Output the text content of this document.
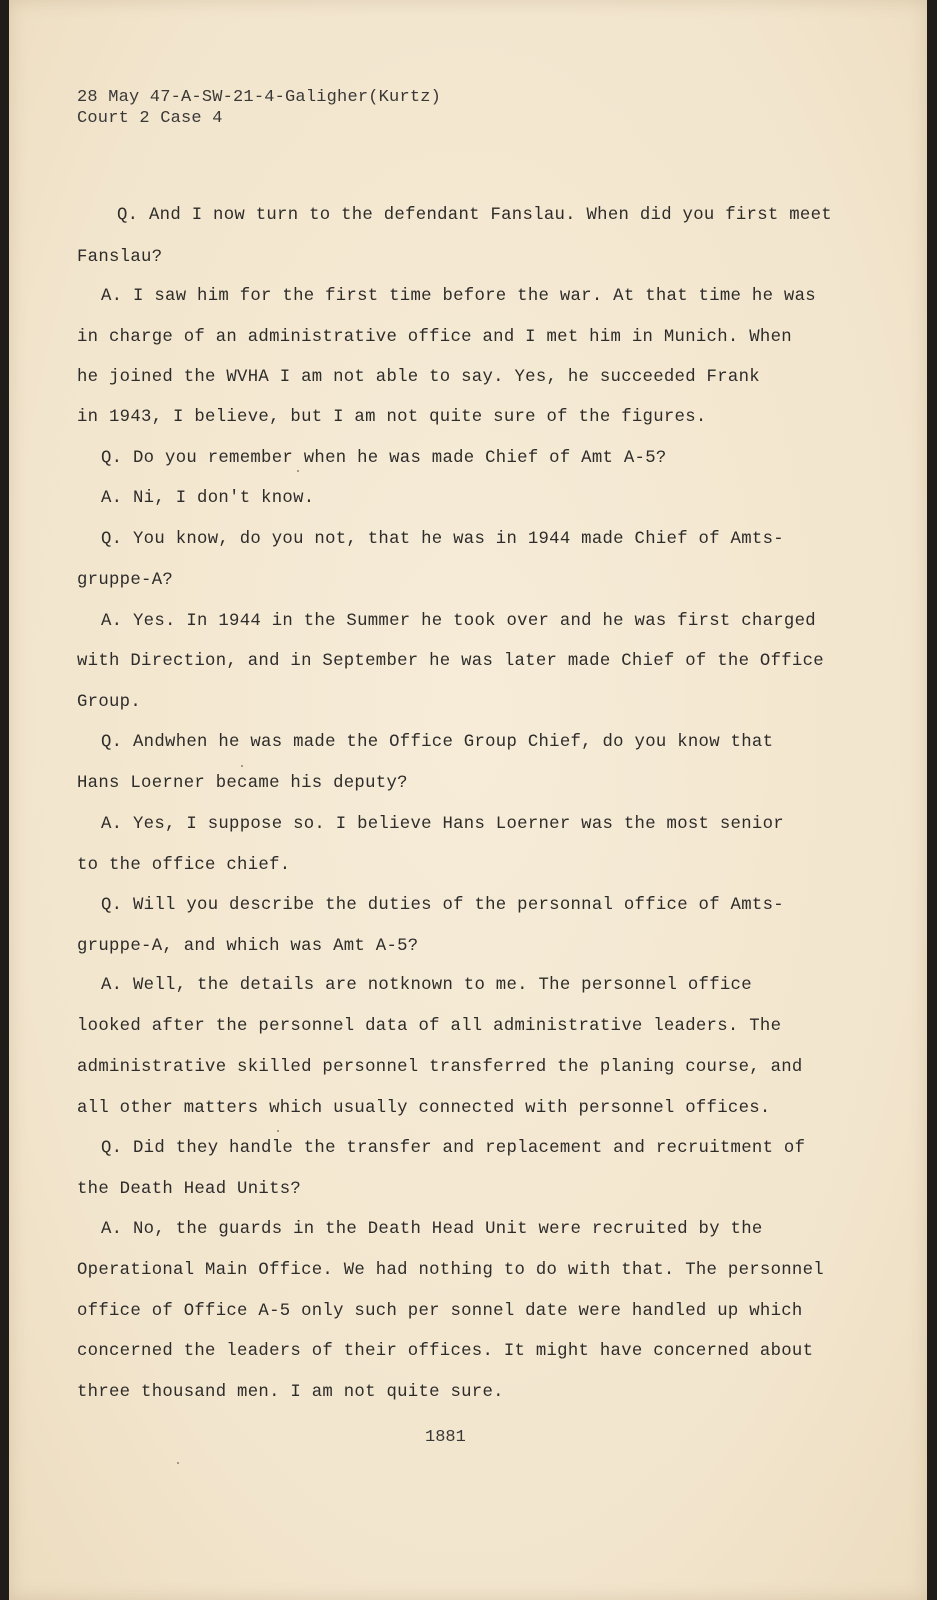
28 May 47-A-SW-21-4-Galigher(Kurtz)
Court 2 Case 4
Q. And I now turn to the defendant Fanslau. When did you first meet
Fanslau?
A. I saw him for the first time before the war. At that time he was
in charge of an administrative office and I met him in Munich. When
he joined the WVHA I am not able to say. Yes, he succeeded Frank
in 1943, I believe, but I am not quite sure of the figures.
Q. Do you remember when he was made Chief of Amt A-5?
A. Ni, I don't know.
Q. You know, do you not, that he was in 1944 made Chief of Amts-
gruppe-A?
A. Yes. In 1944 in the Summer he took over and he was first charged
with Direction, and in September he was later made Chief of the Office
Group.
Q. Andwhen he was made the Office Group Chief, do you know that
Hans Loerner became his deputy?
A. Yes, I suppose so. I believe Hans Loerner was the most senior
to the office chief.
Q. Will you describe the duties of the personnal office of Amts-
gruppe-A, and which was Amt A-5?
A. Well, the details are notknown to me. The personnel office
looked after the personnel data of all administrative leaders. The
administrative skilled personnel transferred the planing course, and
all other matters which usually connected with personnel offices.
Q. Did they handle the transfer and replacement and recruitment of
the Death Head Units?
A. No, the guards in the Death Head Unit were recruited by the
Operational Main Office. We had nothing to do with that. The personnel
office of Office A-5 only such per sonnel date were handled up which
concerned the leaders of their offices. It might have concerned about
three thousand men. I am not quite sure.
1881
